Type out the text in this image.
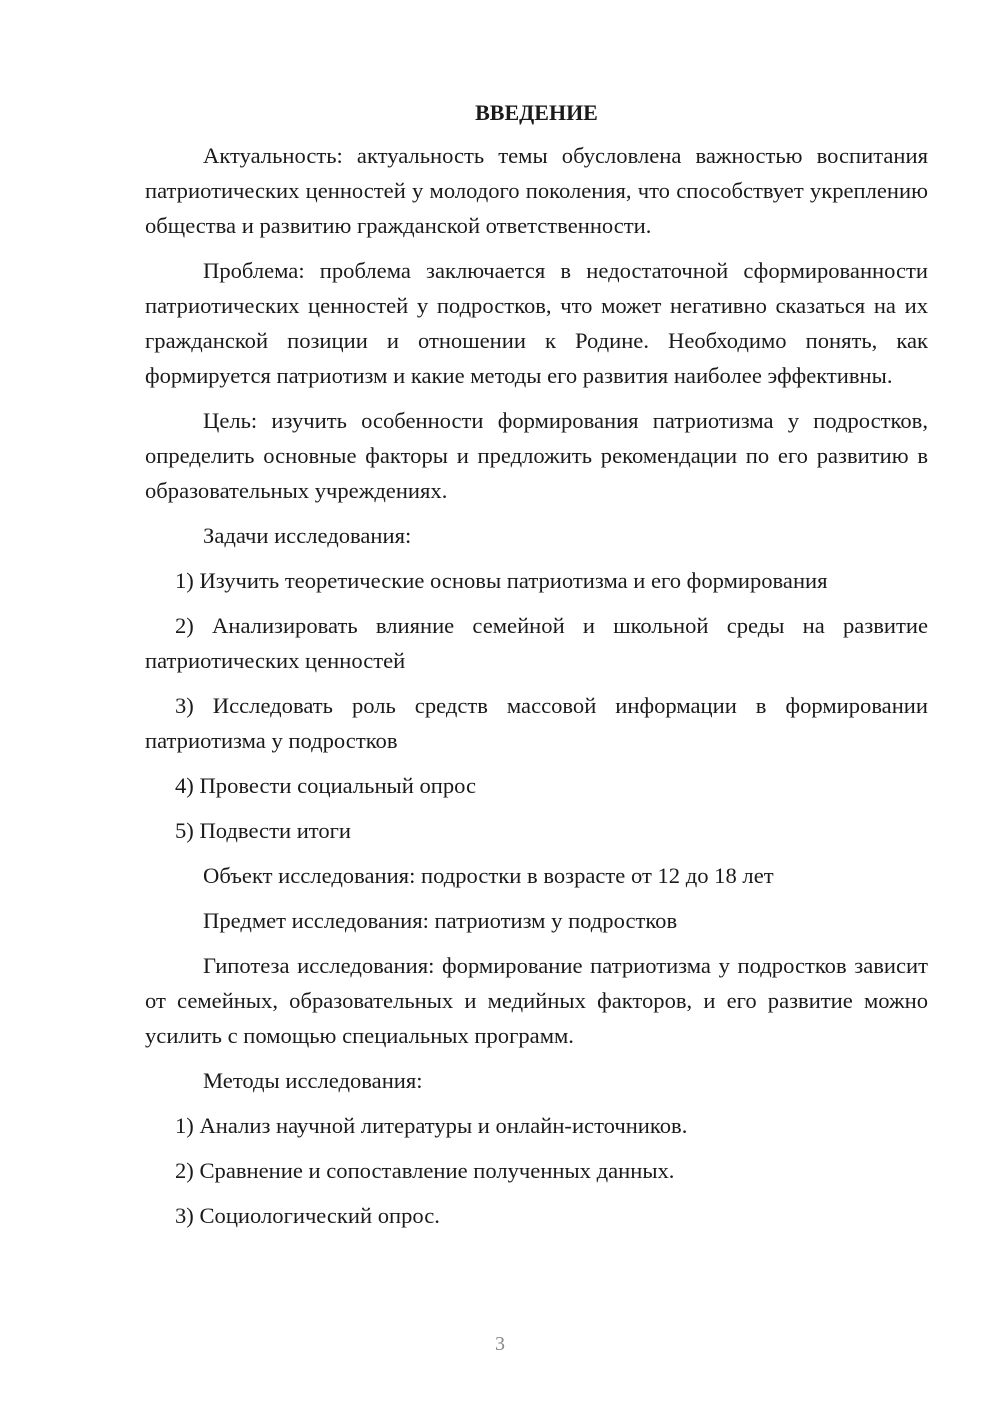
ВВЕДЕНИЕ
Актуальность: актуальность темы обусловлена важностью воспитания патриотических ценностей у молодого поколения, что способствует укреплению общества и развитию гражданской ответственности.
Проблема: проблема заключается в недостаточной сформированности патриотических ценностей у подростков, что может негативно сказаться на их гражданской позиции и отношении к Родине. Необходимо понять, как формируется патриотизм и какие методы его развития наиболее эффективны.
Цель: изучить особенности формирования патриотизма у подростков, определить основные факторы и предложить рекомендации по его развитию в образовательных учреждениях.
Задачи исследования:
1) Изучить теоретические основы патриотизма и его формирования
2) Анализировать влияние семейной и школьной среды на развитие патриотических ценностей
3) Исследовать роль средств массовой информации в формировании патриотизма у подростков
4) Провести социальный опрос
5) Подвести итоги
Объект исследования: подростки в возрасте от 12 до 18 лет
Предмет исследования: патриотизм у подростков
Гипотеза исследования: формирование патриотизма у подростков зависит от семейных, образовательных и медийных факторов, и его развитие можно усилить с помощью специальных программ.
Методы исследования:
1) Анализ научной литературы и онлайн-источников.
2) Сравнение и сопоставление полученных данных.
3) Социологический опрос.
3
